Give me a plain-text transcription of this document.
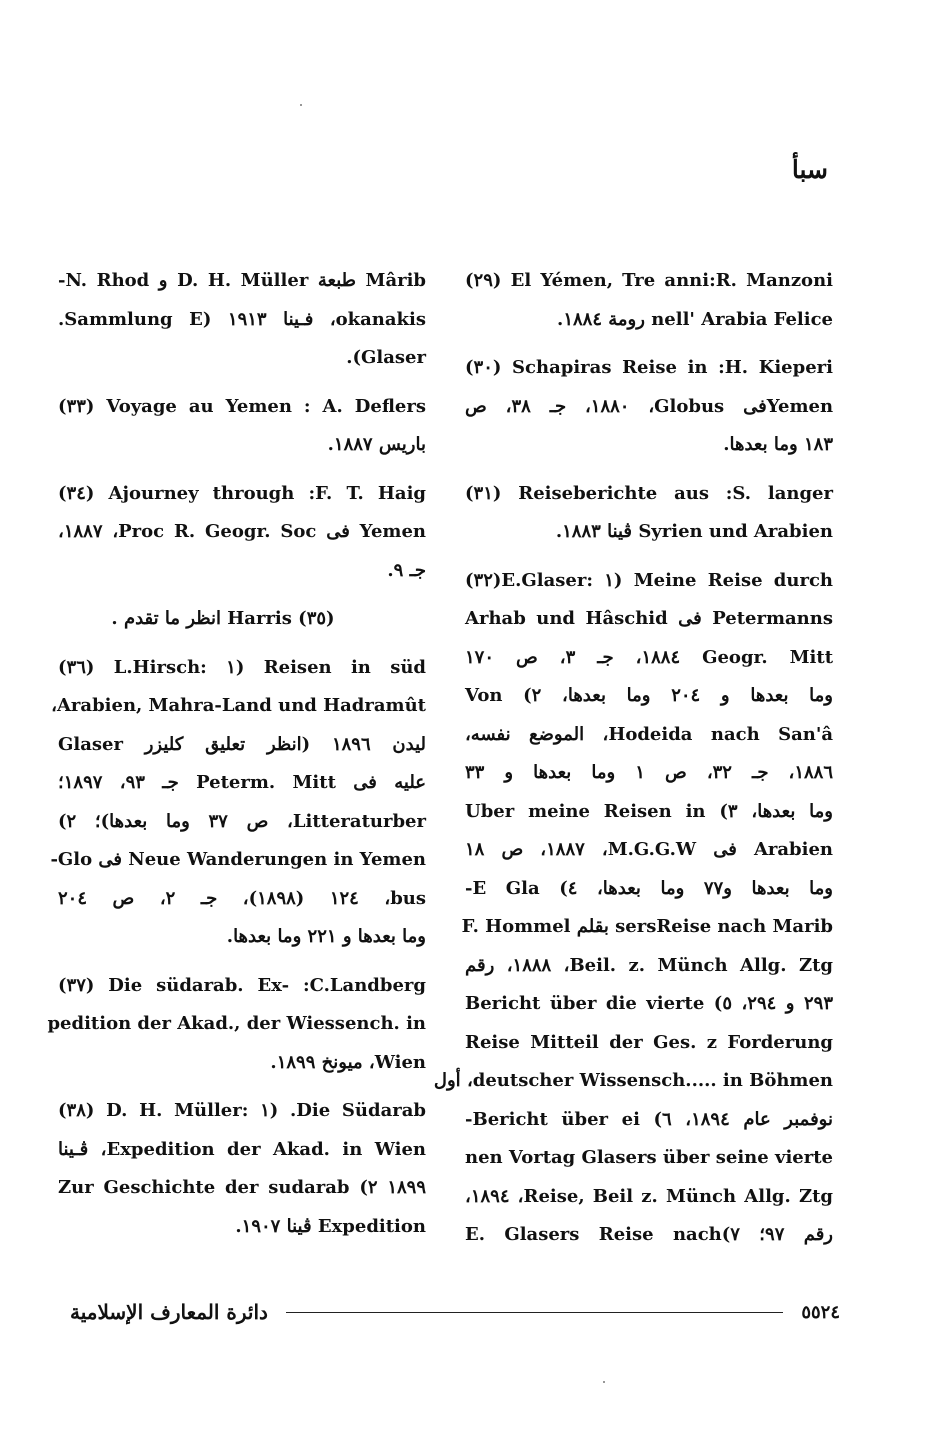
سبأ
El Yémen, Tre anni:R. Manzoni (٢٩)
nell' Arabia Felice رومة ١٨٨٤.
Schapiras Reise in :H. Kieperi (٣٠)
Yemenفى Globus، ١٨٨٠، جـ ٣٨، ص
١٨٣ وما بعدها.
Reiseberichte aus :S. langer (٣١)
Syrien und Arabien ڤينا ١٨٨٣.
Meine Reise durch (١ :E.Glaser(٣٢)
Petermanns فى Arhab und Hâschid
Geogr. Mitt ١٨٨٤، جـ ٣، ص ١٧٠
وما بعدها و ٢٠٤ وما بعدها، ٢) Von
Hodeida nach San'â، الموضع نفسه،
١٨٨٦، جـ ٣٢، ص ١ وما بعدها و ٣٣
وما بعدها، ٣) Uber meine Reisen in
Arabien فى M.G.G.W، ١٨٨٧، ص ١٨
وما بعدها و٧٧ وما بعدها، ٤) E Gla-
sersReise nach Marib بقلم F. Hommel
Beil. z. Münch Allg. Ztg، ١٨٨٨، رقم
٢٩٣ و ٢٩٤، ٥) Bericht über die vierte
Reise Mitteil der Ges. z Forderung
deutscher Wissensch..... in Böhmen، أول
نوفمبر عام ١٨٩٤، ٦) Bericht über ei-
nen Vortag Glasers über seine vierte
Reise, Beil z. Münch Allg. Ztg، ١٨٩٤،
رقم ٩٧؛ ٧)E. Glasers Reise nach
Mârib طبعة D. H. Müller و N. Rhod-
okanakis، فـينا ١٩١٣ (Sammlung E.
Glaser).
Voyage au Yemen : A. Deflers (٣٣)
باريس ١٨٨٧.
Ajourney through :F. T. Haig (٣٤)
Yemen فى Proc R. Geogr. Soc، ١٨٨٧،
جـ ٩.
(٣٥) Harris انظر ما تقدم .
Reisen in süd (١ :L.Hirsch (٣٦)
Arabien, Mahra-Land und Hadramût،
ليدن ١٨٩٦ (انظر تعليق كليزر Glaser
عليه فى Peterm. Mitt جـ ٩٣، ١٨٩٧؛
Litteraturber، ص ٣٧ وما بعدها)؛ ٢)
Neue Wanderungen in Yemen فى Glo-
bus، ١٢٤ (١٨٩٨)، جـ ٢، ص ٢٠٤
وما بعدها و ٢٢١ وما بعدها.
Die südarab. Ex- :C.Landberg (٣٧)
pedition der Akad., der Wiessench. in
Wien، ميونخ ١٨٩٩.
Die Südarab. (١ :D. H. Müller (٣٨)
Expedition der Akad. in Wien، ڤـينا
١٨٩٩ ٢) Zur Geschichte der sudarab
Expedition ڤينا ١٩٠٧.
دائرة المعارف الإسلامية	٥٥٢٤
